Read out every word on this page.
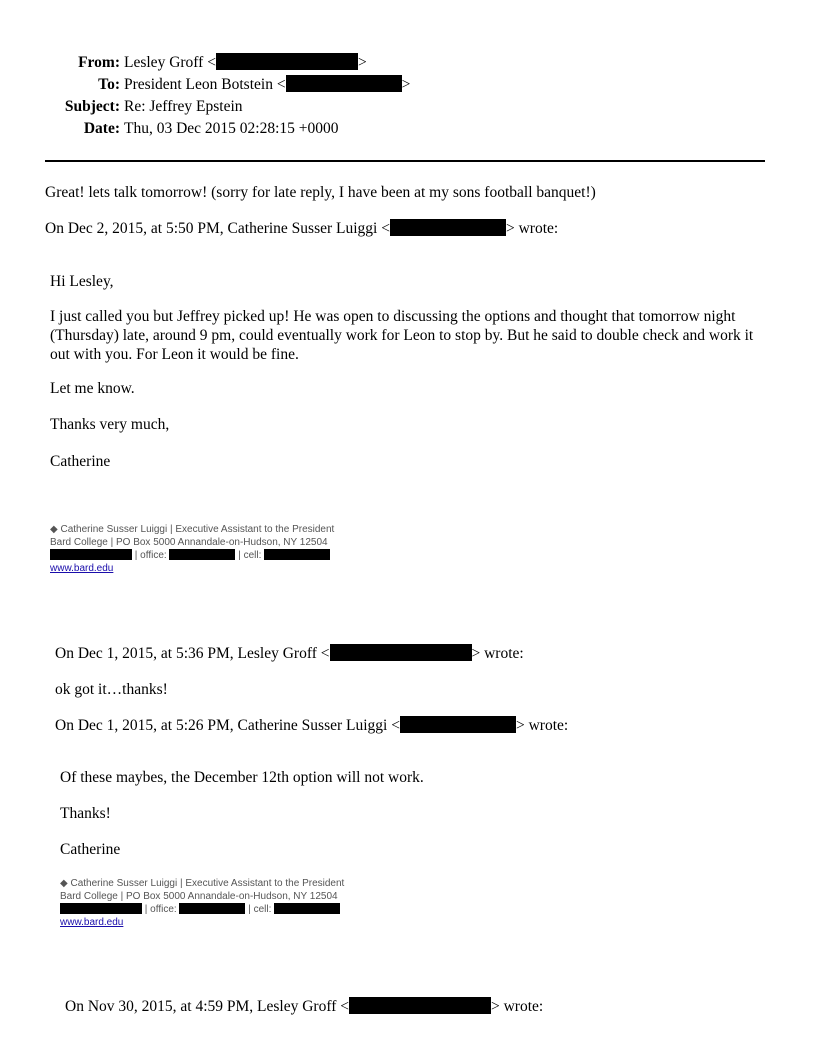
From: Lesley Groff <	>
To: President Leon Botstein <	>
Subject: Re: Jeffrey Epstein
Date: Thu, 03 Dec 2015 02:28:15 +0000
Great! lets talk tomorrow! (sorry for late reply, I have been at my sons football banquet!)
On Dec 2, 2015, at 5:50 PM, Catherine Susser Luiggi <	> wrote:
Hi Lesley,
I just called you but Jeffrey picked up! He was open to discussing the options and thought that tomorrow night (Thursday) late, around 9 pm, could eventually work for Leon to stop by. But he said to double check and work it out with you. For Leon it would be fine.
Let me know.
Thanks very much,
Catherine
◆ Catherine Susser Luiggi | Executive Assistant to the President
Bard College | PO Box 5000 Annandale-on-Hudson, NY 12504
| office:	| cell:
www.bard.edu
On Dec 1, 2015, at 5:36 PM, Lesley Groff <	> wrote:
ok got it…thanks!
On Dec 1, 2015, at 5:26 PM, Catherine Susser Luiggi <	> wrote:
Of these maybes, the December 12th option will not work.
Thanks!
Catherine
◆ Catherine Susser Luiggi | Executive Assistant to the President
Bard College | PO Box 5000 Annandale-on-Hudson, NY 12504
| office:	| cell:
www.bard.edu
On Nov 30, 2015, at 4:59 PM, Lesley Groff <	> wrote:
